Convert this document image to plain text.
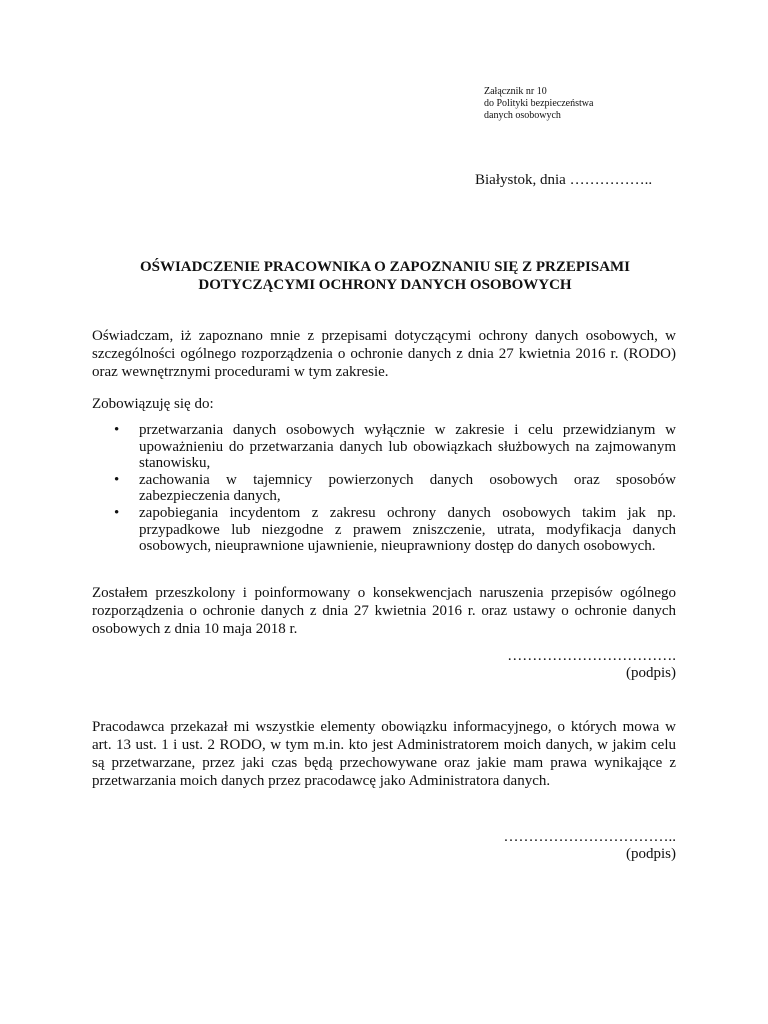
Załącznik nr 10
do Polityki bezpieczeństwa
danych osobowych
Białystok, dnia ……………..
OŚWIADCZENIE PRACOWNIKA O ZAPOZNANIU SIĘ Z PRZEPISAMI
DOTYCZĄCYMI OCHRONY DANYCH OSOBOWYCH
Oświadczam, iż zapoznano mnie z przepisami dotyczącymi ochrony danych osobowych, w szczególności ogólnego rozporządzenia o ochronie danych z dnia 27 kwietnia 2016 r. (RODO) oraz wewnętrznymi procedurami w tym zakresie.
Zobowiązuję się do:
• przetwarzania danych osobowych wyłącznie w zakresie i celu przewidzianym w upoważnieniu do przetwarzania danych lub obowiązkach służbowych na zajmowanym stanowisku,
• zachowania w tajemnicy powierzonych danych osobowych oraz sposobów zabezpieczenia danych,
• zapobiegania incydentom z zakresu ochrony danych osobowych takim jak np. przypadkowe lub niezgodne z prawem zniszczenie, utrata, modyfikacja danych osobowych, nieuprawnione ujawnienie, nieuprawniony dostęp do danych osobowych.
Zostałem przeszkolony i poinformowany o konsekwencjach naruszenia przepisów ogólnego rozporządzenia o ochronie danych z dnia 27 kwietnia 2016 r. oraz ustawy o ochronie danych osobowych z dnia 10 maja 2018 r.
…………………………….
(podpis)
Pracodawca przekazał mi wszystkie elementy obowiązku informacyjnego, o których mowa w art. 13 ust. 1 i ust. 2 RODO, w tym m.in. kto jest Administratorem moich danych, w jakim celu są przetwarzane, przez jaki czas będą przechowywane oraz jakie mam prawa wynikające z przetwarzania moich danych przez pracodawcę jako Administratora danych.
……………………………..
(podpis)
